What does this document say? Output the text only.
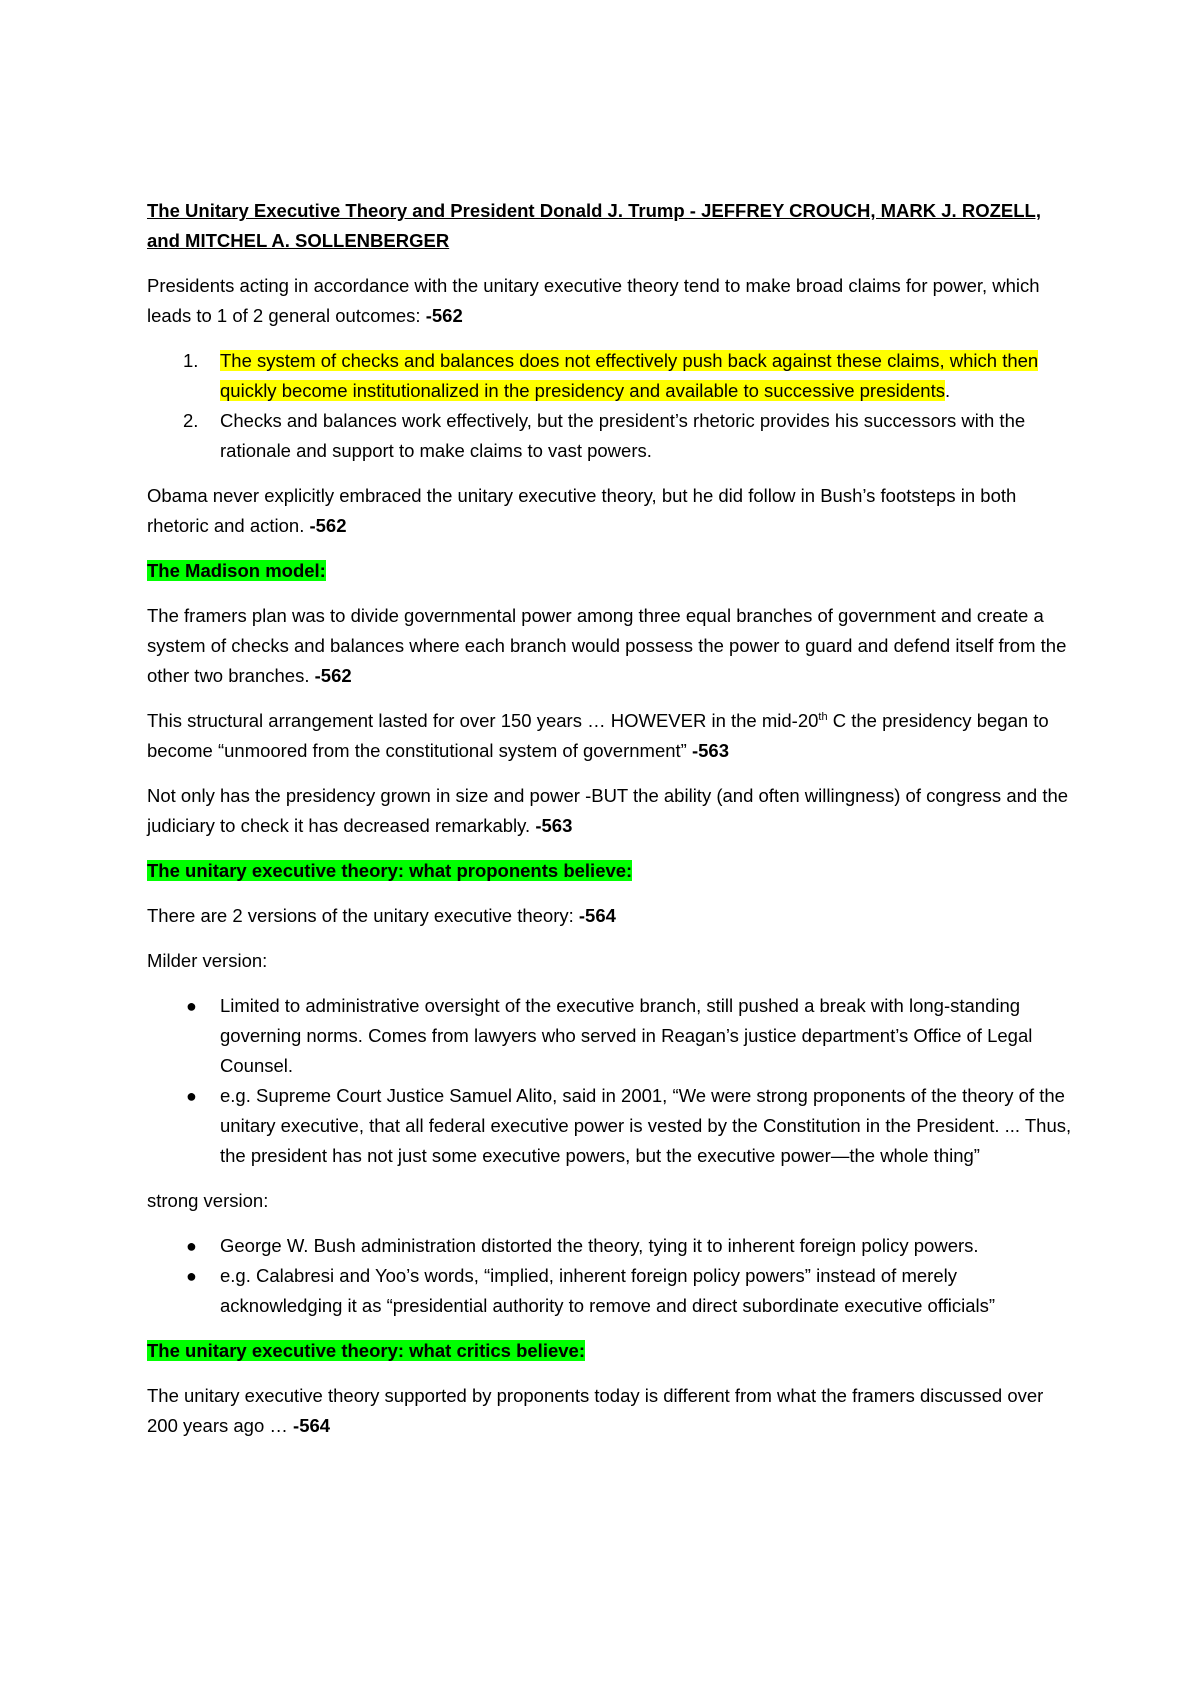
The Unitary Executive Theory and President Donald J. Trump - JEFFREY CROUCH, MARK J. ROZELL, and MITCHEL A. SOLLENBERGER

Presidents acting in accordance with the unitary executive theory tend to make broad claims for power, which leads to 1 of 2 general outcomes: -562

1. The system of checks and balances does not effectively push back against these claims, which then quickly become institutionalized in the presidency and available to successive presidents.
2. Checks and balances work effectively, but the president’s rhetoric provides his successors with the rationale and support to make claims to vast powers.

Obama never explicitly embraced the unitary executive theory, but he did follow in Bush’s footsteps in both rhetoric and action. -562

The Madison model:

The framers plan was to divide governmental power among three equal branches of government and create a system of checks and balances where each branch would possess the power to guard and defend itself from the other two branches. -562

This structural arrangement lasted for over 150 years … HOWEVER in the mid-20th C the presidency began to become “unmoored from the constitutional system of government” -563

Not only has the presidency grown in size and power -BUT the ability (and often willingness) of congress and the judiciary to check it has decreased remarkably. -563

The unitary executive theory: what proponents believe:

There are 2 versions of the unitary executive theory: -564

Milder version:

● Limited to administrative oversight of the executive branch, still pushed a break with long-standing governing norms. Comes from lawyers who served in Reagan’s justice department’s Office of Legal Counsel.
● e.g. Supreme Court Justice Samuel Alito, said in 2001, “We were strong proponents of the theory of the unitary executive, that all federal executive power is vested by the Constitution in the President. ... Thus, the president has not just some executive powers, but the executive power—the whole thing”

strong version:

● George W. Bush administration distorted the theory, tying it to inherent foreign policy powers.
● e.g. Calabresi and Yoo’s words, “implied, inherent foreign policy powers” instead of merely acknowledging it as “presidential authority to remove and direct subordinate executive officials”

The unitary executive theory: what critics believe:

The unitary executive theory supported by proponents today is different from what the framers discussed over 200 years ago … -564
